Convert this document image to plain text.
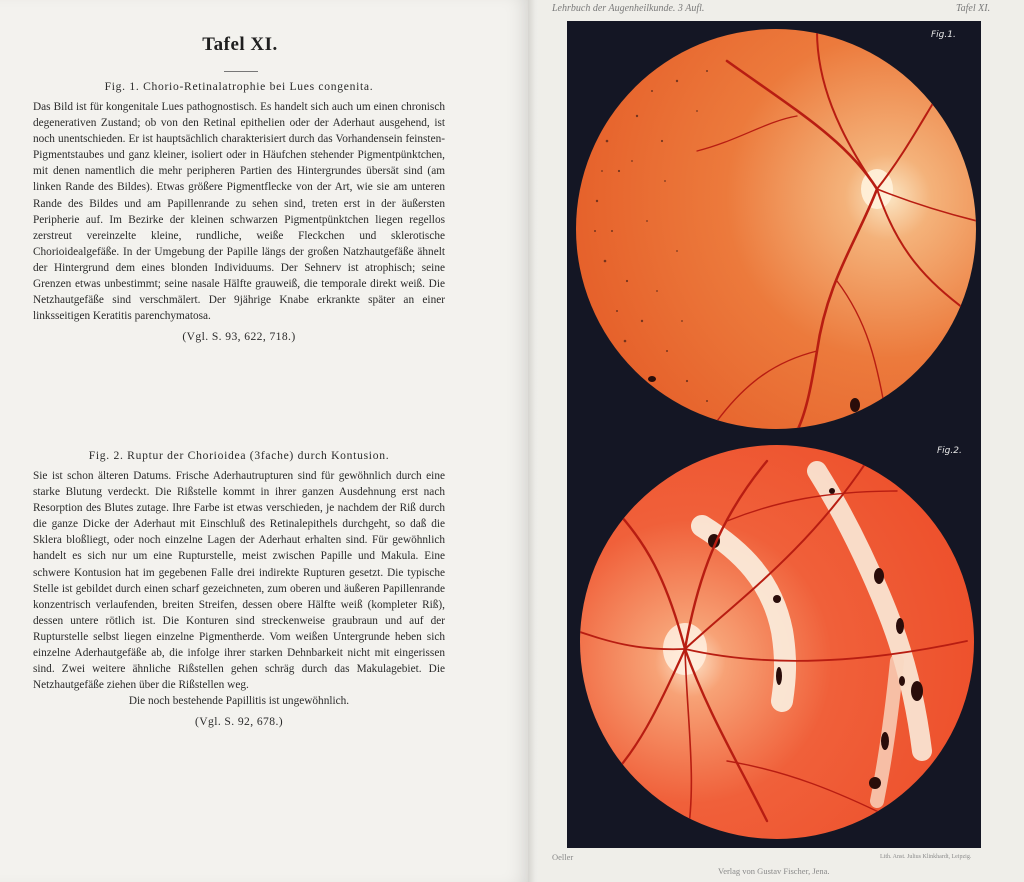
Tafel XI.

Fig. 1. Chorio-Retinalatrophie bei Lues congenita.

Das Bild ist für kongenitale Lues pathognostisch. Es handelt sich auch um einen chronisch degenerativen Zustand; ob von den Retinal epithelien oder der Aderhaut ausgehend, ist noch unentschieden. Er ist hauptsächlich charakterisiert durch das Vorhandensein feinsten-Pigmentstaubes und ganz kleiner, isoliert oder in Häufchen stehender Pigmentpünktchen, mit denen namentlich die mehr peripheren Partien des Hintergrundes übersät sind (am linken Rande des Bildes). Etwas größere Pigmentflecke von der Art, wie sie am unteren Rande des Bildes und am Papillenrande zu sehen sind, treten erst in der äußersten Peripherie auf. Im Bezirke der kleinen schwarzen Pigmentpünktchen liegen regellos zerstreut vereinzelte kleine, rundliche, weiße Fleckchen und sklerotische Chorioidealgefäße. In der Umgebung der Papille längs der großen Natzhautgefäße ähnelt der Hintergrund dem eines blonden Individuums. Der Sehnerv ist atrophisch; seine Grenzen etwas unbestimmt; seine nasale Hälfte grauweiß, die temporale direkt weiß. Die Netzhautgefäße sind verschmälert. Der 9jährige Knabe erkrankte später an einer linksseitigen Keratitis parenchymatosa.

(Vgl. S. 93, 622, 718.)

Fig. 2. Ruptur der Chorioidea (3fache) durch Kontusion.

Sie ist schon älteren Datums. Frische Aderhautrupturen sind für gewöhnlich durch eine starke Blutung verdeckt. Die Rißstelle kommt in ihrer ganzen Ausdehnung erst nach Resorption des Blutes zutage. Ihre Farbe ist etwas verschieden, je nachdem der Riß durch die ganze Dicke der Aderhaut mit Einschluß des Retinalepithels durchgeht, so daß die Sklera bloßliegt, oder noch einzelne Lagen der Aderhaut erhalten sind. Für gewöhnlich handelt es sich nur um eine Rupturstelle, meist zwischen Papille und Makula. Eine schwere Kontusion hat im gegebenen Falle drei indirekte Rupturen gesetzt. Die typische Stelle ist gebildet durch einen scharf gezeichneten, zum oberen und äußeren Papillenrande konzentrisch verlaufenden, breiten Streifen, dessen obere Hälfte weiß (kompleter Riß), dessen untere rötlich ist. Die Konturen sind streckenweise graubraun und auf der Rupturstelle selbst liegen einzelne Pigmentherde. Vom weißen Untergrunde heben sich einzelne Aderhautgefäße ab, die infolge ihrer starken Dehnbarkeit nicht mit eingerissen sind. Zwei weitere ähnliche Rißstellen gehen schräg durch das Makulagebiet. Die Netzhautgefäße ziehen über die Rißstellen weg.

Die noch bestehende Papillitis ist ungewöhnlich.
(Vgl. S. 92, 678.)
Lehrbuch der Augenheilkunde. 3 Aufl.	Tafel XI.
Fig.1.
Fig.2.
Oeller	Lith. Anst. Julius Klinkhardt, Leipzig.
Verlag von Gustav Fischer, Jena.
